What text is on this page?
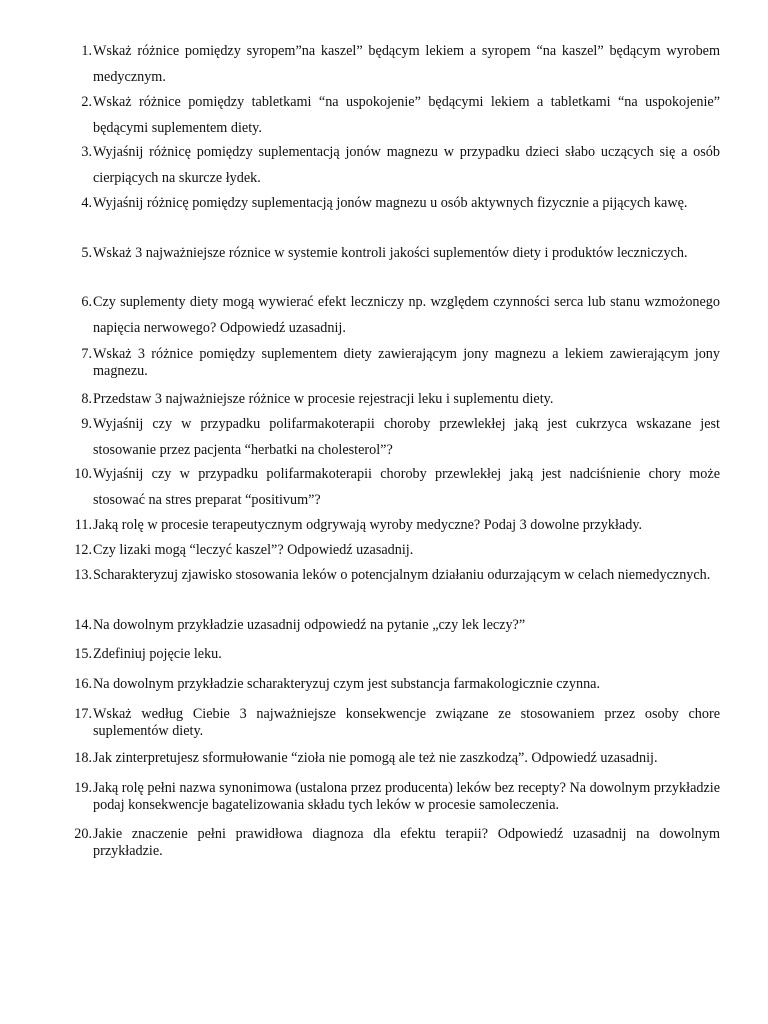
1. Wskaż różnice pomiędzy syropem”na kaszel” będącym lekiem a syropem “na kaszel” będącym wyrobem medycznym.
2. Wskaż różnice pomiędzy tabletkami “na uspokojenie” będącymi lekiem a tabletkami “na uspokojenie” będącymi suplementem diety.
3. Wyjaśnij różnicę pomiędzy suplementacją jonów magnezu w przypadku dzieci słabo uczących się a osób cierpiących na skurcze łydek.
4. Wyjaśnij różnicę pomiędzy suplementacją jonów magnezu u osób aktywnych fizycznie a pijących kawę.
5. Wskaż 3 najważniejsze róznice w systemie kontroli jakości suplementów diety i produktów leczniczych.
6. Czy suplementy diety mogą wywierać efekt leczniczy np. względem czynności serca lub stanu wzmożonego napięcia nerwowego? Odpowiedź uzasadnij.
7. Wskaż 3 różnice pomiędzy suplementem diety zawierającym jony magnezu a lekiem zawierającym jony magnezu.
8. Przedstaw 3 najważniejsze różnice w procesie rejestracji leku i suplementu diety.
9. Wyjaśnij czy w przypadku polifarmakoterapii choroby przewlekłej jaką jest cukrzyca wskazane jest stosowanie przez pacjenta “herbatki na cholesterol”?
10. Wyjaśnij czy w przypadku polifarmakoterapii choroby przewlekłej jaką jest nadciśnienie chory może stosować na stres preparat “positivum”?
11. Jaką rolę w procesie terapeutycznym odgrywają wyroby medyczne? Podaj 3 dowolne przykłady.
12. Czy lizaki mogą “leczyć kaszel”? Odpowiedź uzasadnij.
13. Scharakteryzuj zjawisko stosowania leków o potencjalnym działaniu odurzającym w celach niemedycznych.
14. Na dowolnym przykładzie uzasadnij odpowiedź na pytanie „czy lek leczy?”
15. Zdefiniuj pojęcie leku.
16. Na dowolnym przykładzie scharakteryzuj czym jest substancja farmakologicznie czynna.
17. Wskaż według Ciebie 3 najważniejsze konsekwencje związane ze stosowaniem przez osoby chore suplementów diety.
18. Jak zinterpretujesz sformułowanie “zioła nie pomogą ale też nie zaszkodzą”. Odpowiedź uzasadnij.
19. Jaką rolę pełni nazwa synonimowa (ustalona przez producenta) leków bez recepty? Na dowolnym przykładzie podaj konsekwencje bagatelizowania składu tych leków w procesie samoleczenia.
20. Jakie znaczenie pełni prawidłowa diagnoza dla efektu terapii? Odpowiedź uzasadnij na dowolnym przykładzie.
